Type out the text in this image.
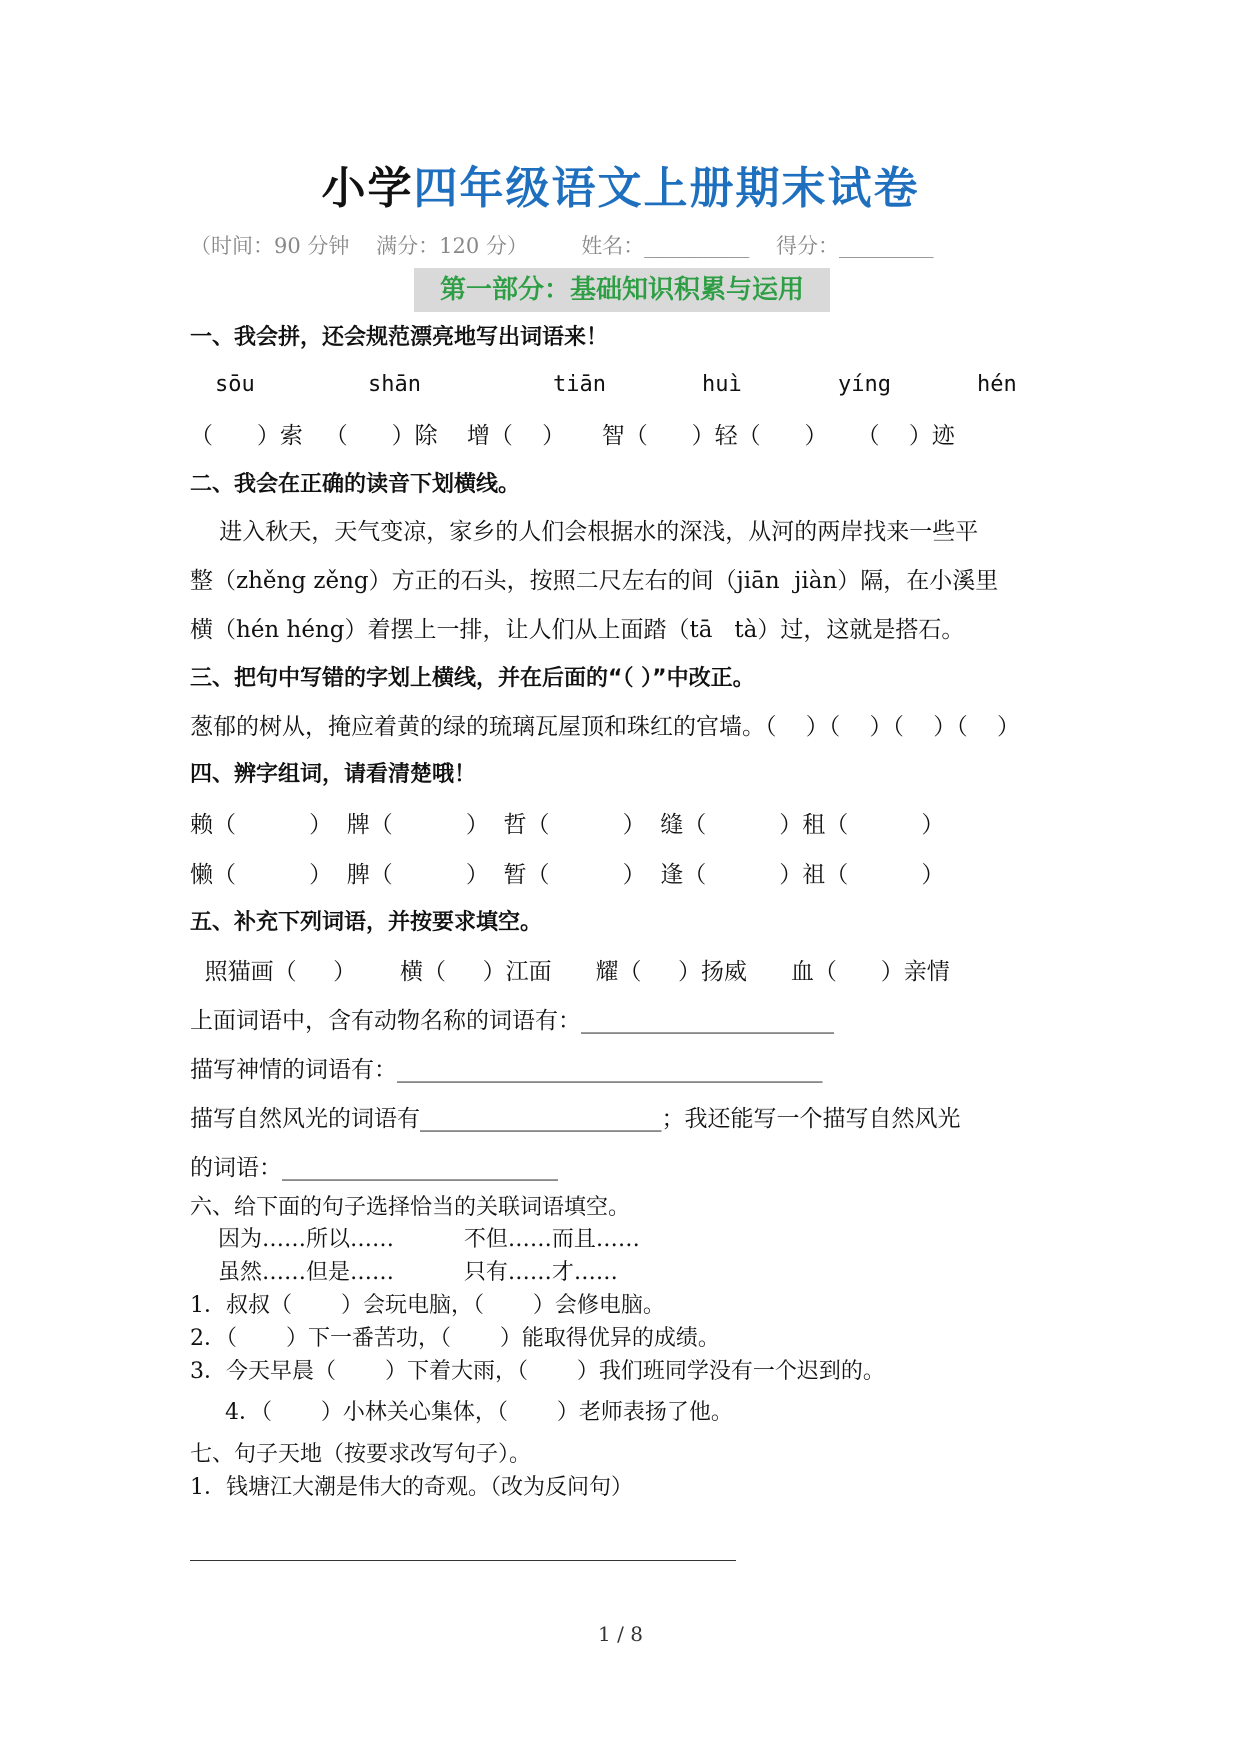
小学四年级语文上册期末试卷
（时间：90 分钟    满分：120 分）        姓名：__________    得分：_________
第一部分：基础知识积累与运用
一、我会拼，还会规范漂亮地写出词语来！
sōu	shān	tiān	huì	yíng	hén
（      ）索   （      ）除    增（    ）     智（      ）轻（      ）    （    ）迹
二、我会在正确的读音下划横线。
进入秋天，天气变凉，家乡的人们会根据水的深浅，从河的两岸找来一些平
整（zhěng zěng）方正的石头，按照二尺左右的间（jiān  jiàn）隔，在小溪里
横（hén héng）着摆上一排，让人们从上面踏（tā   tà）过，这就是搭石。
三、把句中写错的字划上横线，并在后面的“（ ）”中改正。
葱郁的树从，掩应着黄的绿的琉璃瓦屋顶和珠红的官墙。（    ）（    ）（    ）（    ）
四、辨字组词，请看清楚哦！
赖（          ）  牌（          ）  哲（          ）  缝（          ）租（          ）
懒（          ）  脾（          ）  暂（          ）  逢（          ）祖（          ）
五、补充下列词语，并按要求填空。
照猫画（     ）      横（     ）江面      耀（     ）扬威      血（      ）亲情
上面词语中，含有动物名称的词语有：______________________
描写神情的词语有：_____________________________________
描写自然风光的词语有_____________________；我还能写一个描写自然风光
的词语：________________________
六、给下面的句子选择恰当的关联词语填空。
因为……所以……          不但……而且……
虽然……但是……          只有……才……
1．叔叔（       ）会玩电脑，（       ）会修电脑。
2．（       ）下一番苦功，（       ）能取得优异的成绩。
3．今天早晨（       ）下着大雨，（       ）我们班同学没有一个迟到的。
4．（       ）小林关心集体，（       ）老师表扬了他。
七、句子天地（按要求改写句子）。
1．钱塘江大潮是伟大的奇观。（改为反问句）
1 / 8
